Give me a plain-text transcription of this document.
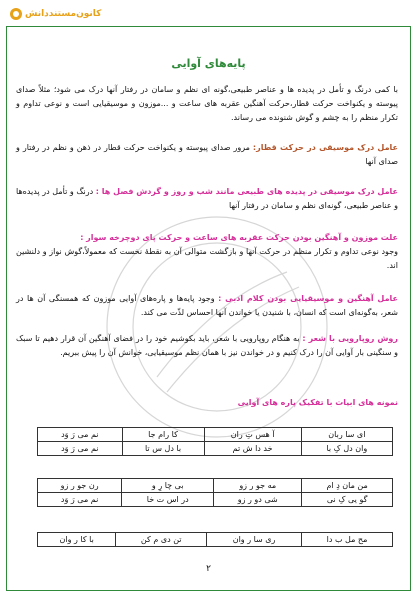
کانون‌مستند‌دانش
پایه‌های آوایی
با کمی درنگ و تأمل در پدیده ها و عناصر طبیعی،گونه ای نظم و سامان در رفتار آنها درک می شود؛ مثلاً صدای پیوسته و یکنواخت حرکت قطار،حرکت آهنگین عقربه های ساعت و ...موزون و موسیقیایی است و نوعی تداوم و تکرار منظم را به چشم و گوش شنونده می رساند.
عامل درک موسیقی در حرکت قطار: مرور صدای پیوسته و یکنواخت حرکت قطار در ذهن و نظم در رفتار و صدای آنها
عامل درک موسیقی در پدیده های طبیعی مانند شب و روز و گردش فصل ها : درنگ و تأمل در پدیده‌ها و عناصر طبیعی، گونه‌ای نظم و سامان در رفتار آنها
علت موزون و آهنگین بودن حرکت عقربه های ساعت و حرکت پای دوچرخه سوار :
وجود نوعی تداوم و تکرار منظم در حرکت آنها و بازگشت متوالی آن به نقطهٔ نخست که معمولاً،گوش نواز و دلنشین اند.
عامل آهنگین و موسیقیایی بودن کلام ادبی : وجود پایه‌ها و پاره‌های آوایی موزون که همسنگی آن ها در شعر، به‌گونه‌ای است که انسان، با شنیدن یا خواندن آنها احساس لذّت می کند.
روش روپارویی با شعر : به هنگام روپارویی با شعر، باید بکوشیم خود را در فضای آهنگین آن قرار دهیم تا سبک و سنگینی بار آوایی آن را درک کنیم و در خواندن نیز با همان نظم موسیقیایی، خوانش آن را پیش ببریم.
نمونه های ابیات با تفکیک پاره های آوایی
ای سا ربان	آ هس تِ ران	کا رام جا	نم می رَ وَد
وان دل کِ با	خد دا ش تم	با دل س تا	نم می رَ وَد
من مان دِ ام	مه جو ر زو	بی چا رِ و	رن جو ر زو
گو یی کِ نی	شی دو ر زو	در اس ت خا	نم می رَ وَد
مح مل ب دا	ری سا ر وان	تن دی م کن	با کا ر وان
۲
